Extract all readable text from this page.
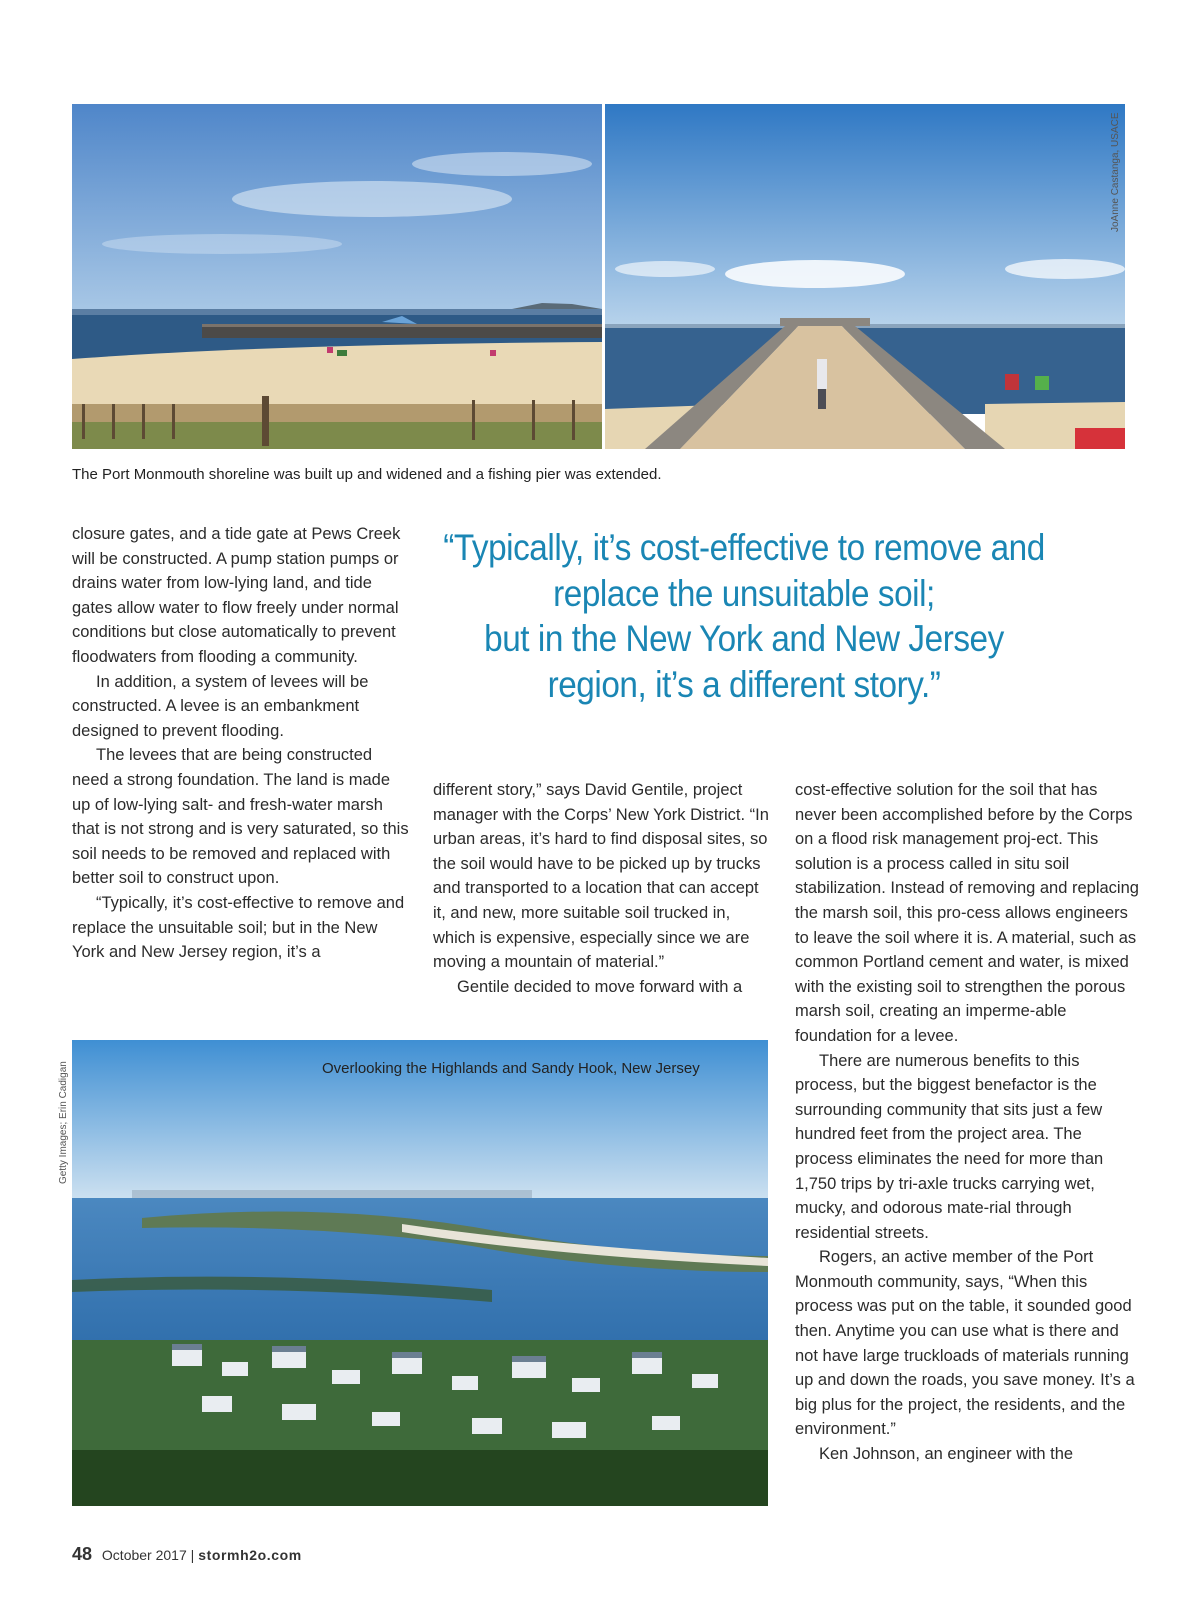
JoAnne Castanga, USACE
Getty Images; Erin Cadigan
The Port Monmouth shoreline was built up and widened and a fishing pier was extended.

closure gates, and a tide gate at Pews Creek will be constructed. A pump station pumps or drains water from low-lying land, and tide gates allow water to flow freely under normal conditions but close automatically to prevent floodwaters from flooding a community.

In addition, a system of levees will be constructed. A levee is an embankment designed to prevent flooding.

The levees that are being constructed need a strong foundation. The land is made up of low-lying salt- and fresh-water marsh that is not strong and is very saturated, so this soil needs to be removed and replaced with better soil to construct upon.

“Typically, it’s cost-effective to remove and replace the unsuitable soil; but in the New York and New Jersey region, it’s a

“Typically, it’s cost-effective to remove and
replace the unsuitable soil;
but in the New York and New Jersey
region, it’s a different story.”

different story,” says David Gentile, project manager with the Corps’ New York District. “In urban areas, it’s hard to find disposal sites, so the soil would have to be picked up by trucks and transported to a location that can accept it, and new, more suitable soil trucked in, which is expensive, especially since we are moving a mountain of material.”

Gentile decided to move forward with a

cost-effective solution for the soil that has never been accomplished before by the Corps on a flood risk management proj-ect. This solution is a process called in situ soil stabilization. Instead of removing and replacing the marsh soil, this pro-cess allows engineers to leave the soil where it is. A material, such as common Portland cement and water, is mixed with the existing soil to strengthen the porous marsh soil, creating an imperme-able foundation for a levee.

There are numerous benefits to this process, but the biggest benefactor is the surrounding community that sits just a few hundred feet from the project area. The process eliminates the need for more than 1,750 trips by tri-axle trucks carrying wet, mucky, and odorous mate-rial through residential streets.

Rogers, an active member of the Port Monmouth community, says, “When this process was put on the table, it sounded good then. Anytime you can use what is there and not have large truckloads of materials running up and down the roads, you save money. It’s a big plus for the project, the residents, and the environment.”

Ken Johnson, an engineer with the

Overlooking the Highlands and Sandy Hook, New Jersey
48 October 2017 | stormh2o.com
